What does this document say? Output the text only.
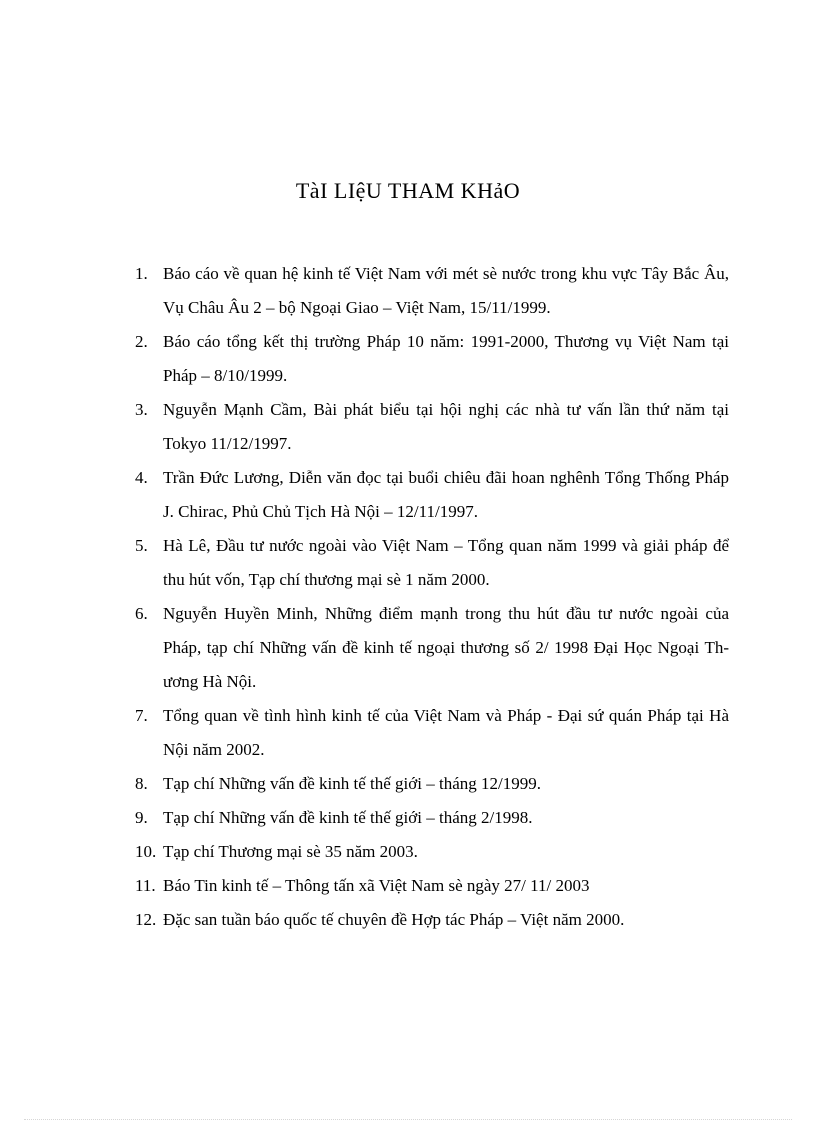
TàI LIệU THAM KHảO
1. Báo cáo về quan hệ kinh tế Việt Nam với mét sè nước trong khu vực Tây Bắc Âu, Vụ Châu Âu 2 – bộ Ngoại Giao – Việt Nam, 15/11/1999.
2. Báo cáo tổng kết thị trường Pháp 10 năm: 1991-2000, Thương vụ Việt Nam tại Pháp – 8/10/1999.
3. Nguyễn Mạnh Cầm, Bài phát biểu tại hội nghị các nhà tư vấn lần thứ năm tại Tokyo 11/12/1997.
4. Trần Đức Lương, Diễn văn đọc tại buổi chiêu đãi hoan nghênh Tổng Thống Pháp J. Chirac, Phủ Chủ Tịch Hà Nội – 12/11/1997.
5. Hà Lê, Đầu tư nước ngoài vào Việt Nam – Tổng quan năm 1999 và giải pháp để thu hút vốn, Tạp chí thương mại sè 1 năm 2000.
6. Nguyễn Huyền Minh, Những điểm mạnh trong thu hút đầu tư nước ngoài của Pháp, tạp chí Những vấn đề kinh tế ngoại thương số 2/ 1998 Đại Học Ngoại Thương Hà Nội.
7. Tổng quan về tình hình kinh tế của Việt Nam và Pháp - Đại sứ quán Pháp tại Hà Nội năm 2002.
8. Tạp chí Những vấn đề kinh tế thế giới – tháng 12/1999.
9. Tạp chí Những vấn đề kinh tế thế giới – tháng 2/1998.
10. Tạp chí Thương mại sè 35 năm 2003.
11. Báo Tin kinh tế – Thông tấn xã Việt Nam sè ngày 27/ 11/ 2003
12. Đặc san tuần báo quốc tế chuyên đề Hợp tác Pháp – Việt năm 2000.
